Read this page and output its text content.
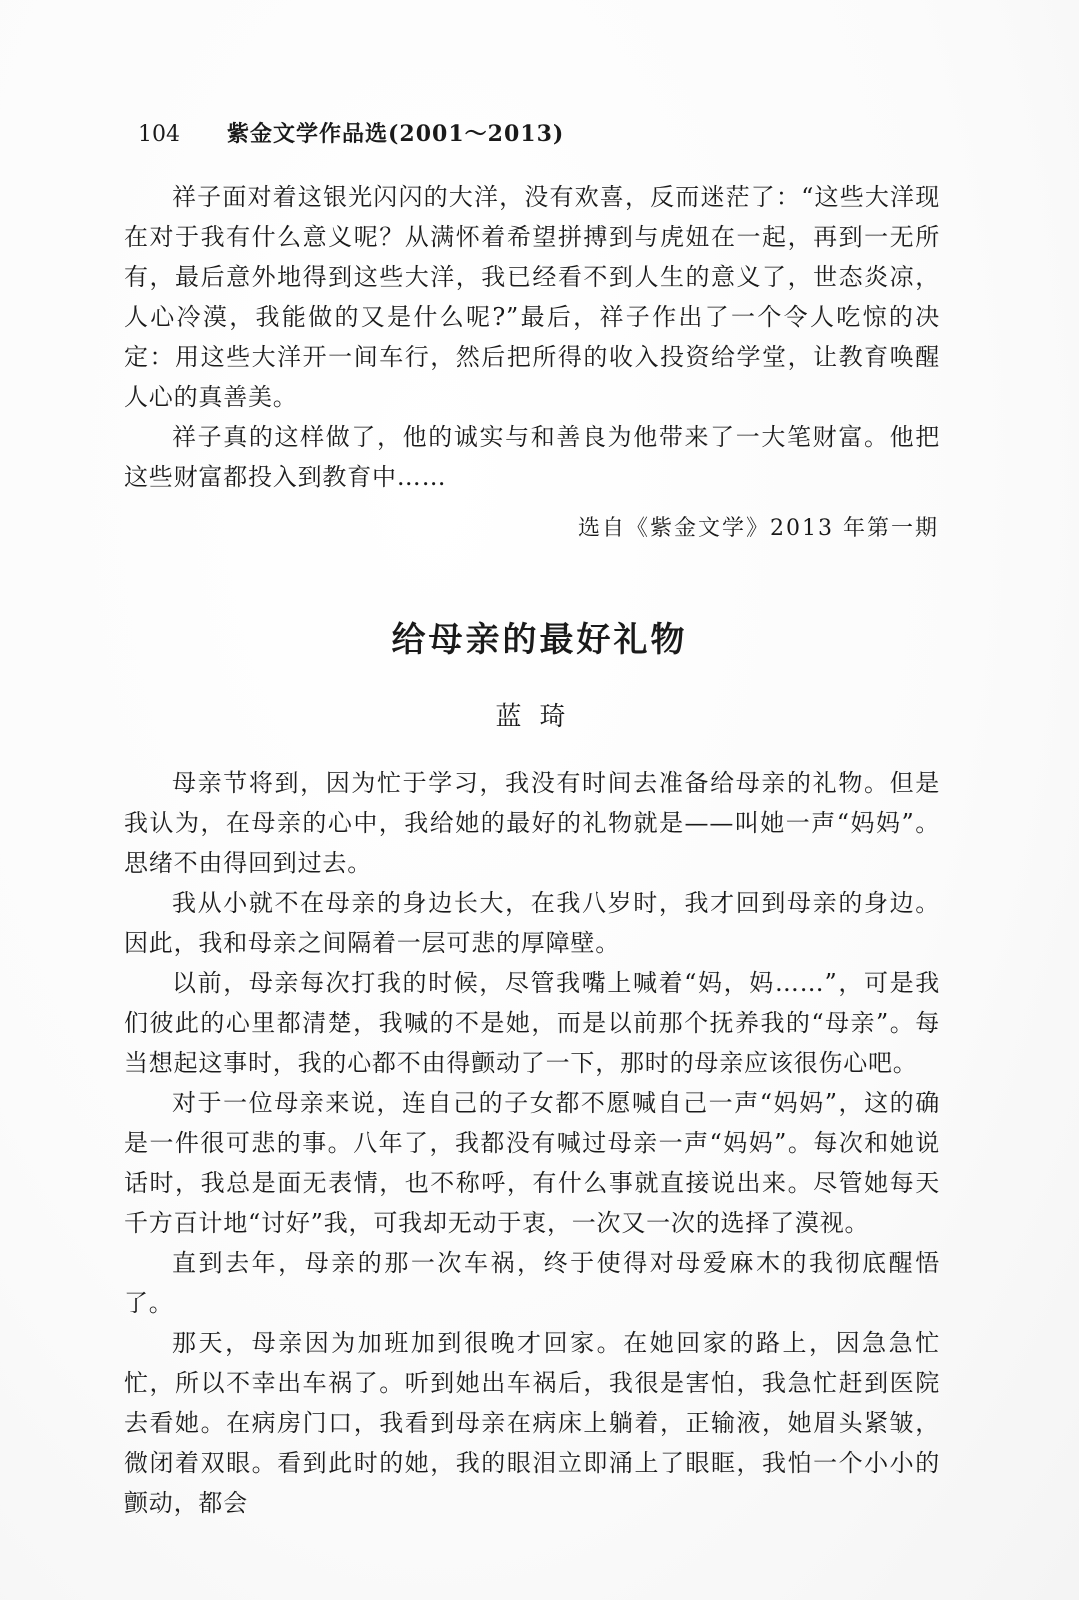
104 紫金文学作品选(2001～2013)

祥子面对着这银光闪闪的大洋，没有欢喜，反而迷茫了：“这些大洋现在对于我有什么意义呢？从满怀着希望拼搏到与虎妞在一起，再到一无所有，最后意外地得到这些大洋，我已经看不到人生的意义了，世态炎凉，人心冷漠，我能做的又是什么呢?”最后，祥子作出了一个令人吃惊的决定：用这些大洋开一间车行，然后把所得的收入投资给学堂，让教育唤醒人心的真善美。

祥子真的这样做了，他的诚实与和善良为他带来了一大笔财富。他把这些财富都投入到教育中……

选自《紫金文学》2013 年第一期
给母亲的最好礼物
蓝琦

母亲节将到，因为忙于学习，我没有时间去准备给母亲的礼物。但是我认为，在母亲的心中，我给她的最好的礼物就是——叫她一声“妈妈”。思绪不由得回到过去。

我从小就不在母亲的身边长大，在我八岁时，我才回到母亲的身边。因此，我和母亲之间隔着一层可悲的厚障壁。

以前，母亲每次打我的时候，尽管我嘴上喊着“妈，妈……”，可是我们彼此的心里都清楚，我喊的不是她，而是以前那个抚养我的“母亲”。每当想起这事时，我的心都不由得颤动了一下，那时的母亲应该很伤心吧。

对于一位母亲来说，连自己的子女都不愿喊自己一声“妈妈”，这的确是一件很可悲的事。八年了，我都没有喊过母亲一声“妈妈”。每次和她说话时，我总是面无表情，也不称呼，有什么事就直接说出来。尽管她每天千方百计地“讨好”我，可我却无动于衷，一次又一次的选择了漠视。

直到去年，母亲的那一次车祸，终于使得对母爱麻木的我彻底醒悟了。

那天，母亲因为加班加到很晚才回家。在她回家的路上，因急急忙忙，所以不幸出车祸了。听到她出车祸后，我很是害怕，我急忙赶到医院去看她。在病房门口，我看到母亲在病床上躺着，正输液，她眉头紧皱，微闭着双眼。看到此时的她，我的眼泪立即涌上了眼眶，我怕一个小小的颤动，都会
